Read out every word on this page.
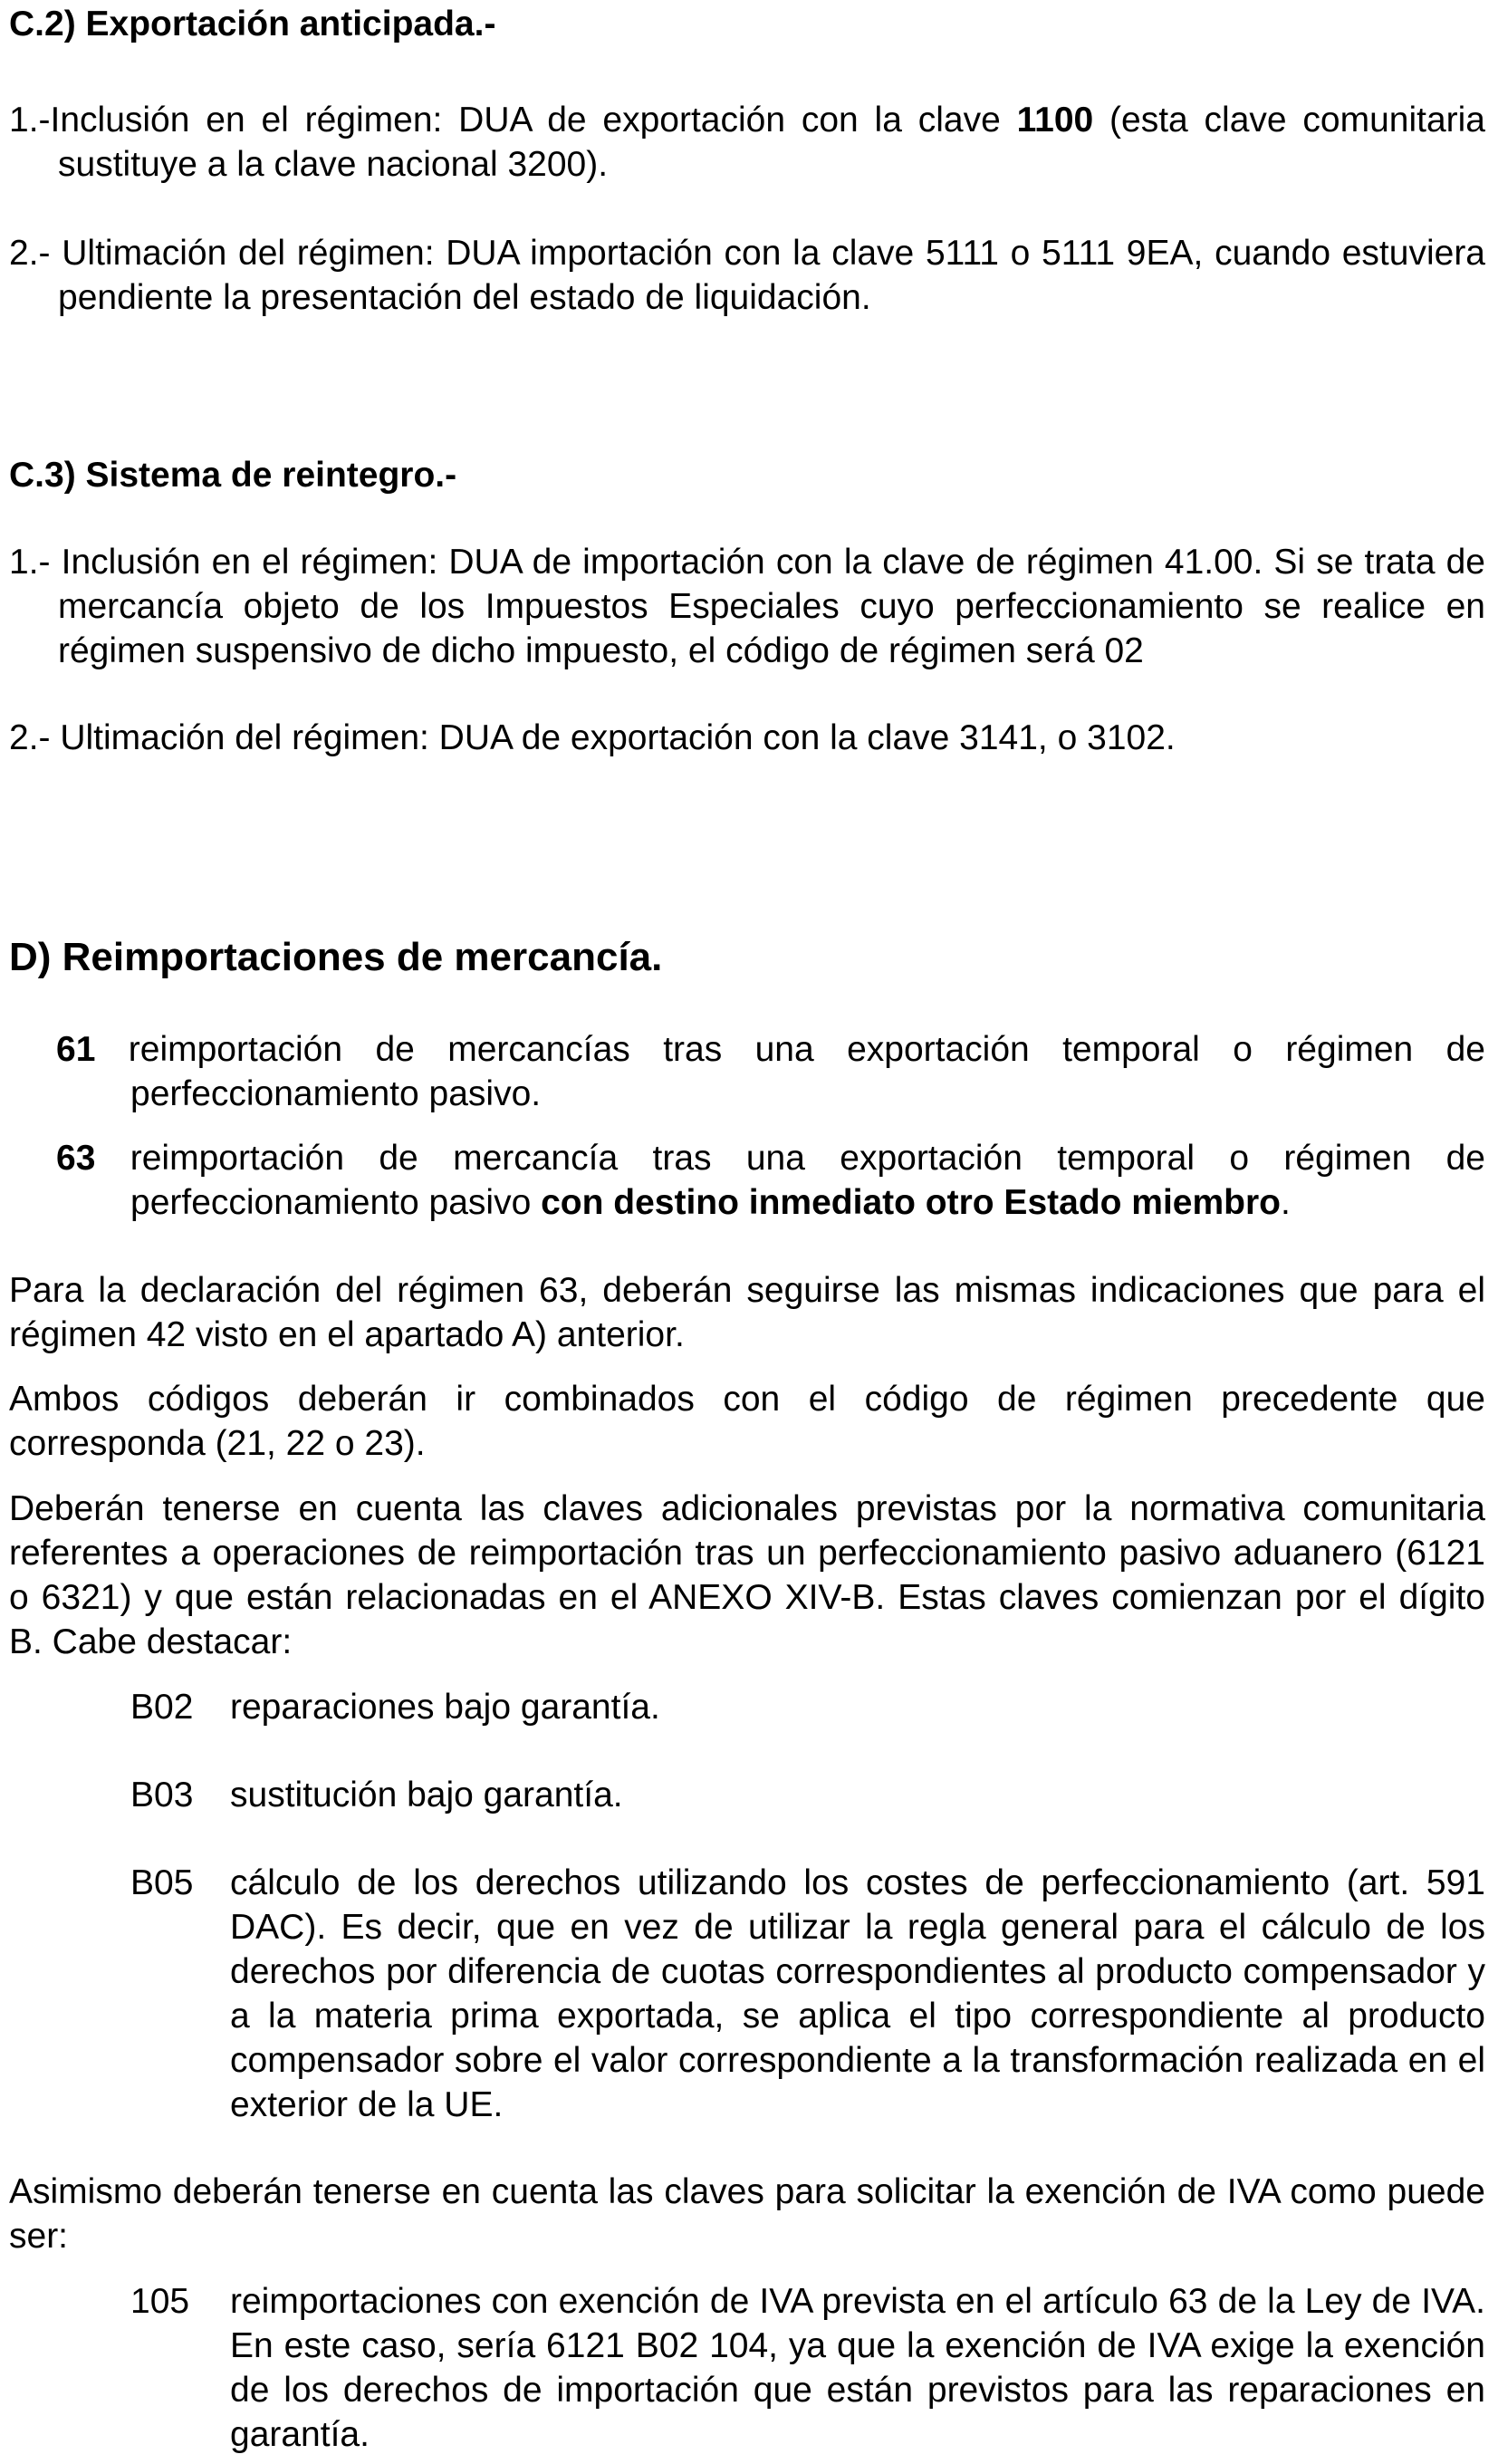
C.2) Exportación anticipada.-

1.-Inclusión en el régimen: DUA de exportación con la clave 1100 (esta clave comunitaria sustituye a la clave nacional 3200).

2.- Ultimación del régimen: DUA importación con la clave 5111 o 5111 9EA, cuando estuviera pendiente la presentación del estado de liquidación.

C.3) Sistema de reintegro.-

1.- Inclusión en el régimen: DUA de importación con la clave de régimen 41.00. Si se trata de mercancía objeto de los Impuestos Especiales cuyo perfeccionamiento se realice en régimen suspensivo de dicho impuesto, el código de régimen será 02

2.- Ultimación del régimen: DUA de exportación con la clave 3141, o 3102.

D) Reimportaciones de mercancía.

61 reimportación de mercancías tras una exportación temporal o régimen de perfeccionamiento pasivo.

63 reimportación de mercancía tras una exportación temporal o régimen de perfeccionamiento pasivo con destino inmediato otro Estado miembro.

Para la declaración del régimen 63, deberán seguirse las mismas indicaciones que para el régimen 42 visto en el apartado A) anterior.

Ambos códigos deberán ir combinados con el código de régimen precedente que corresponda (21, 22 o 23).

Deberán tenerse en cuenta las claves adicionales previstas por la normativa comunitaria referentes a operaciones de reimportación tras un perfeccionamiento pasivo aduanero (6121 o 6321) y que están relacionadas en el ANEXO XIV-B. Estas claves comienzan por el dígito B. Cabe destacar:

B02	reparaciones bajo garantía.

B03	sustitución bajo garantía.

B05	cálculo de los derechos utilizando los costes de perfeccionamiento (art. 591 DAC). Es decir, que en vez de utilizar la regla general para el cálculo de los derechos por diferencia de cuotas correspondientes al producto compensador y a la materia prima exportada, se aplica el tipo correspondiente al producto compensador sobre el valor correspondiente a la transformación realizada en el exterior de la UE.

Asimismo deberán tenerse en cuenta las claves para solicitar la exención de IVA como puede ser:

105	reimportaciones con exención de IVA prevista en el artículo 63 de la Ley de IVA. En este caso, sería 6121 B02 104, ya que la exención de IVA exige la exención de los derechos de importación que están previstos para las reparaciones en garantía.
